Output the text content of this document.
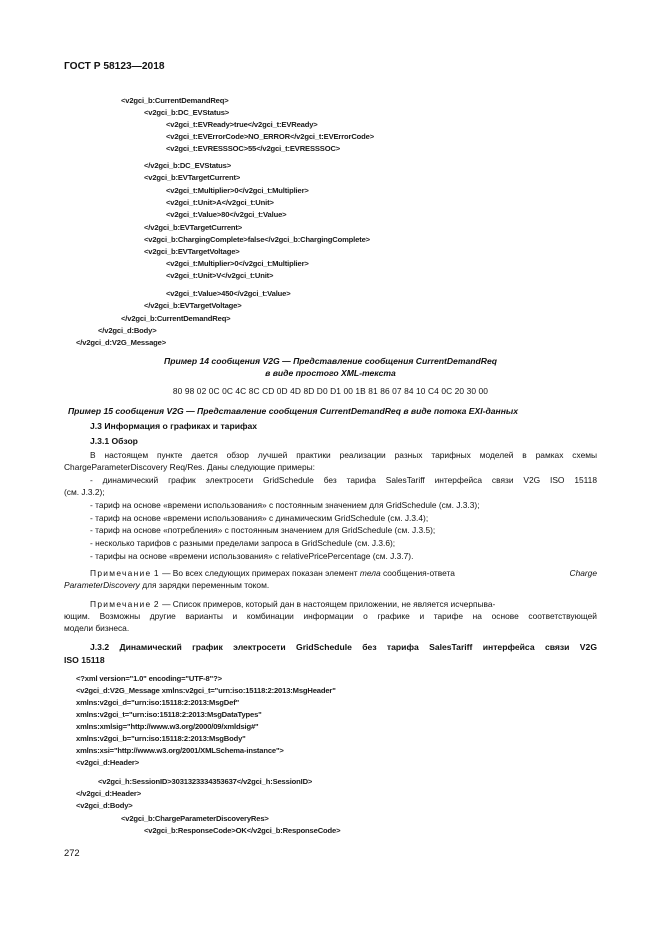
ГОСТ Р 58123—2018
<v2gci_b:CurrentDemandReq>
<v2gci_b:DC_EVStatus>
<v2gci_t:EVReady>true</v2gci_t:EVReady>
<v2gci_t:EVErrorCode>NO_ERROR</v2gci_t:EVErrorCode>
<v2gci_t:EVRESSSOC>55</v2gci_t:EVRESSSOC>
</v2gci_b:DC_EVStatus>
<v2gci_b:EVTargetCurrent>
<v2gci_t:Multiplier>0</v2gci_t:Multiplier>
<v2gci_t:Unit>A</v2gci_t:Unit>
<v2gci_t:Value>80</v2gci_t:Value>
</v2gci_b:EVTargetCurrent>
<v2gci_b:ChargingComplete>false</v2gci_b:ChargingComplete>
<v2gci_b:EVTargetVoltage>
<v2gci_t:Multiplier>0</v2gci_t:Multiplier>
<v2gci_t:Unit>V</v2gci_t:Unit>
<v2gci_t:Value>450</v2gci_t:Value>
</v2gci_b:EVTargetVoltage>
</v2gci_b:CurrentDemandReq>
</v2gci_d:Body>
</v2gci_d:V2G_Message>
Пример 14 сообщения V2G — Представление сообщения CurrentDemandReq
в виде простого XML-текста
80 98 02 0C 0C 4C 8C CD 0D 4D 8D D0 D1 00 1B 81 86 07 84 10 C4 0C 20 30 00
Пример 15 сообщения V2G — Представление сообщения CurrentDemandReq в виде потока EXI-данных
J.3 Информация о графиках и тарифах
J.3.1 Обзор
В настоящем пункте дается обзор лучшей практики реализации разных тарифных моделей в рамках схемы
ChargeParameterDiscovery Req/Res. Даны следующие примеры:
- динамический график электросети GridSchedule без тарифа SalesTariff интерфейса связи V2G ISO 15118
(см. J.3.2);
- тариф на основе «времени использования» с постоянным значением для GridSchedule (см. J.3.3);
- тариф на основе «времени использования» с динамическим GridSchedule (см. J.3.4);
- тариф на основе «потребления» с постоянным значением для GridSchedule (см. J.3.5);
- несколько тарифов с разными пределами запроса в GridSchedule (см. J.3.6);
- тарифы на основе «времени использования» с relativePricePercentage (см. J.3.7).
Примечание 1 — Во всех следующих примерах показан элемент тела сообщения-ответа	Charge
ParameterDiscovery для зарядки переменным током.
Примечание 2 — Список примеров, который дан в настоящем приложении, не является исчерпыва-
ющим. Возможны другие варианты и комбинации информации о графике и тарифе на основе соответствующей
модели бизнеса.
J.3.2 Динамический график электросети GridSchedule без тарифа SalesTariff интерфейса связи V2G
ISO 15118
<?xml version="1.0" encoding="UTF-8"?>
<v2gci_d:V2G_Message xmlns:v2gci_t="urn:iso:15118:2:2013:MsgHeader"
xmlns:v2gci_d="urn:iso:15118:2:2013:MsgDef"
xmlns:v2gci_t="urn:iso:15118:2:2013:MsgDataTypes"
xmlns:xmlsig="http://www.w3.org/2000/09/xmldsig#"
xmlns:v2gci_b="urn:iso:15118:2:2013:MsgBody"
xmlns:xsi="http://www.w3.org/2001/XMLSchema-instance">
<v2gci_d:Header>
<v2gci_h:SessionID>3031323334353637</v2gci_h:SessionID>
</v2gci_d:Header>
<v2gci_d:Body>
<v2gci_b:ChargeParameterDiscoveryRes>
<v2gci_b:ResponseCode>OK</v2gci_b:ResponseCode>
272
